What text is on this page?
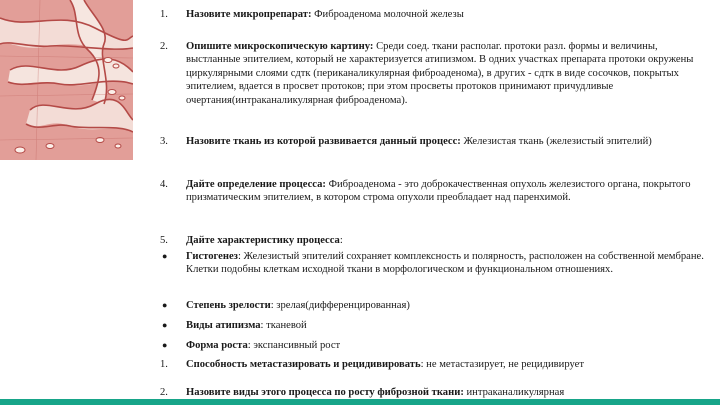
1.	Назовите микропрепарат: Фиброаденома молочной железы
2.	Опишите микроскопическую картину: Среди соед. ткани располаг. протоки разл. формы и величины, выстланные эпителием, который не характеризуется атипизмом. В одних участках препарата протоки окружены циркулярными слоями сдтк (периканаликулярная фиброаденома), в других - сдтк в виде сосочков, покрытых эпителием, вдается в просвет протоков; при этом просветы протоков принимают причудливые очертания(интраканаликулярная фиброаденома).
3.	Назовите ткань из которой развивается данный процесс: Железистая ткань (железистый эпителий)
4.	Дайте определение процесса: Фиброаденома - это доброкачественная опухоль железистого органа, покрытого призматическим эпителием, в котором строма опухоли преобладает над паренхимой.
5.	Дайте характеристику процесса:
● Гистогенез: Железистый эпителий сохраняет комплексность и полярность, расположен на собственной мембране. Клетки подобны клеткам исходной ткани в морфологическом и функциональном отношениях.
● Степень зрелости: зрелая(дифференцированная)
● Виды атипизма: тканевой
● Форма роста: экспансивный рост
1.	Способность метастазировать и рецидивировать: не метастазирует, не рецидивирует
2.	Назовите виды этого процесса по росту фиброзной ткани: интраканаликулярная
